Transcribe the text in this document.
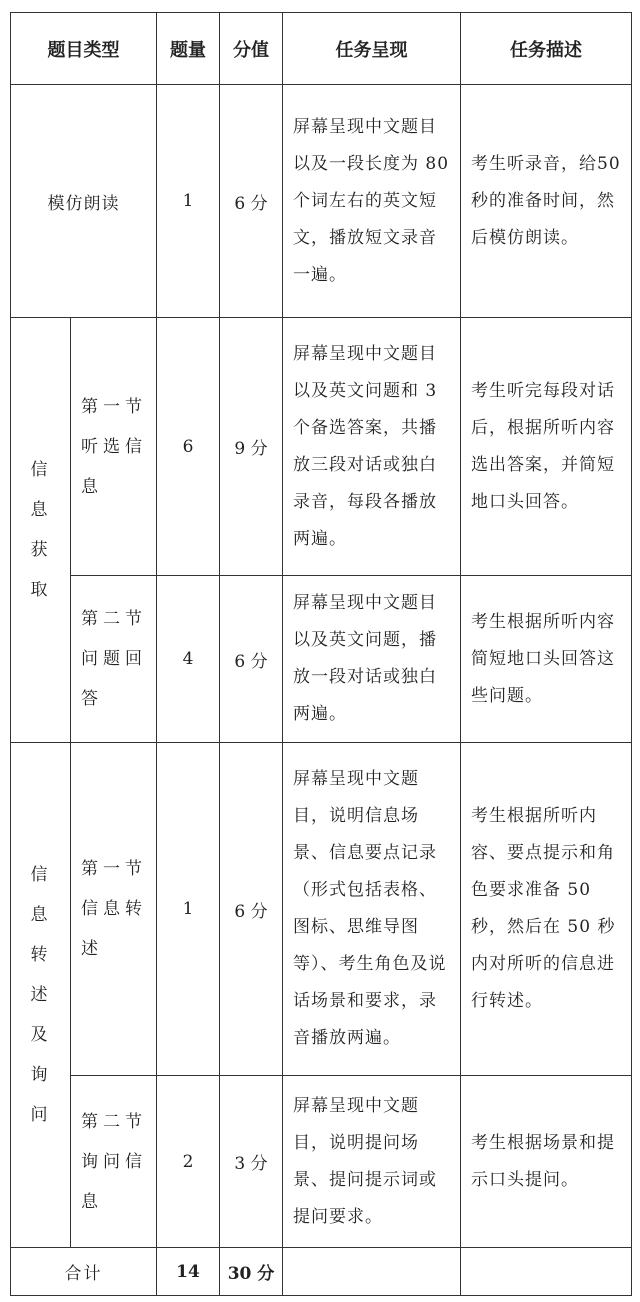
题目类型		题量	分值	任务呈现	任务描述
模仿朗读		1	6 分	屏幕呈现中文题目以及一段长度为 80 个词左右的英文短文，播放短文录音一遍。	考生听录音，给50秒的准备时间，然后模仿朗读。
信息获取	第一节听选信息	6	9 分	屏幕呈现中文题目以及英文问题和 3 个备选答案，共播放三段对话或独白录音，每段各播放两遍。	考生听完每段对话后，根据所听内容选出答案，并简短地口头回答。
	第二节问题回答	4	6 分	屏幕呈现中文题目以及英文问题，播放一段对话或独白两遍。	考生根据所听内容简短地口头回答这些问题。
信息转述及询问	第一节信息转述	1	6 分	屏幕呈现中文题目，说明信息场景、信息要点记录（形式包括表格、图标、思维导图等）、考生角色及说话场景和要求，录音播放两遍。	考生根据所听内容、要点提示和角色要求准备 50 秒，然后在 50 秒内对所听的信息进行转述。
	第二节询问信息	2	3 分	屏幕呈现中文题目，说明提问场景、提问提示词或提问要求。	考生根据场景和提示口头提问。
合计		14	30 分		
